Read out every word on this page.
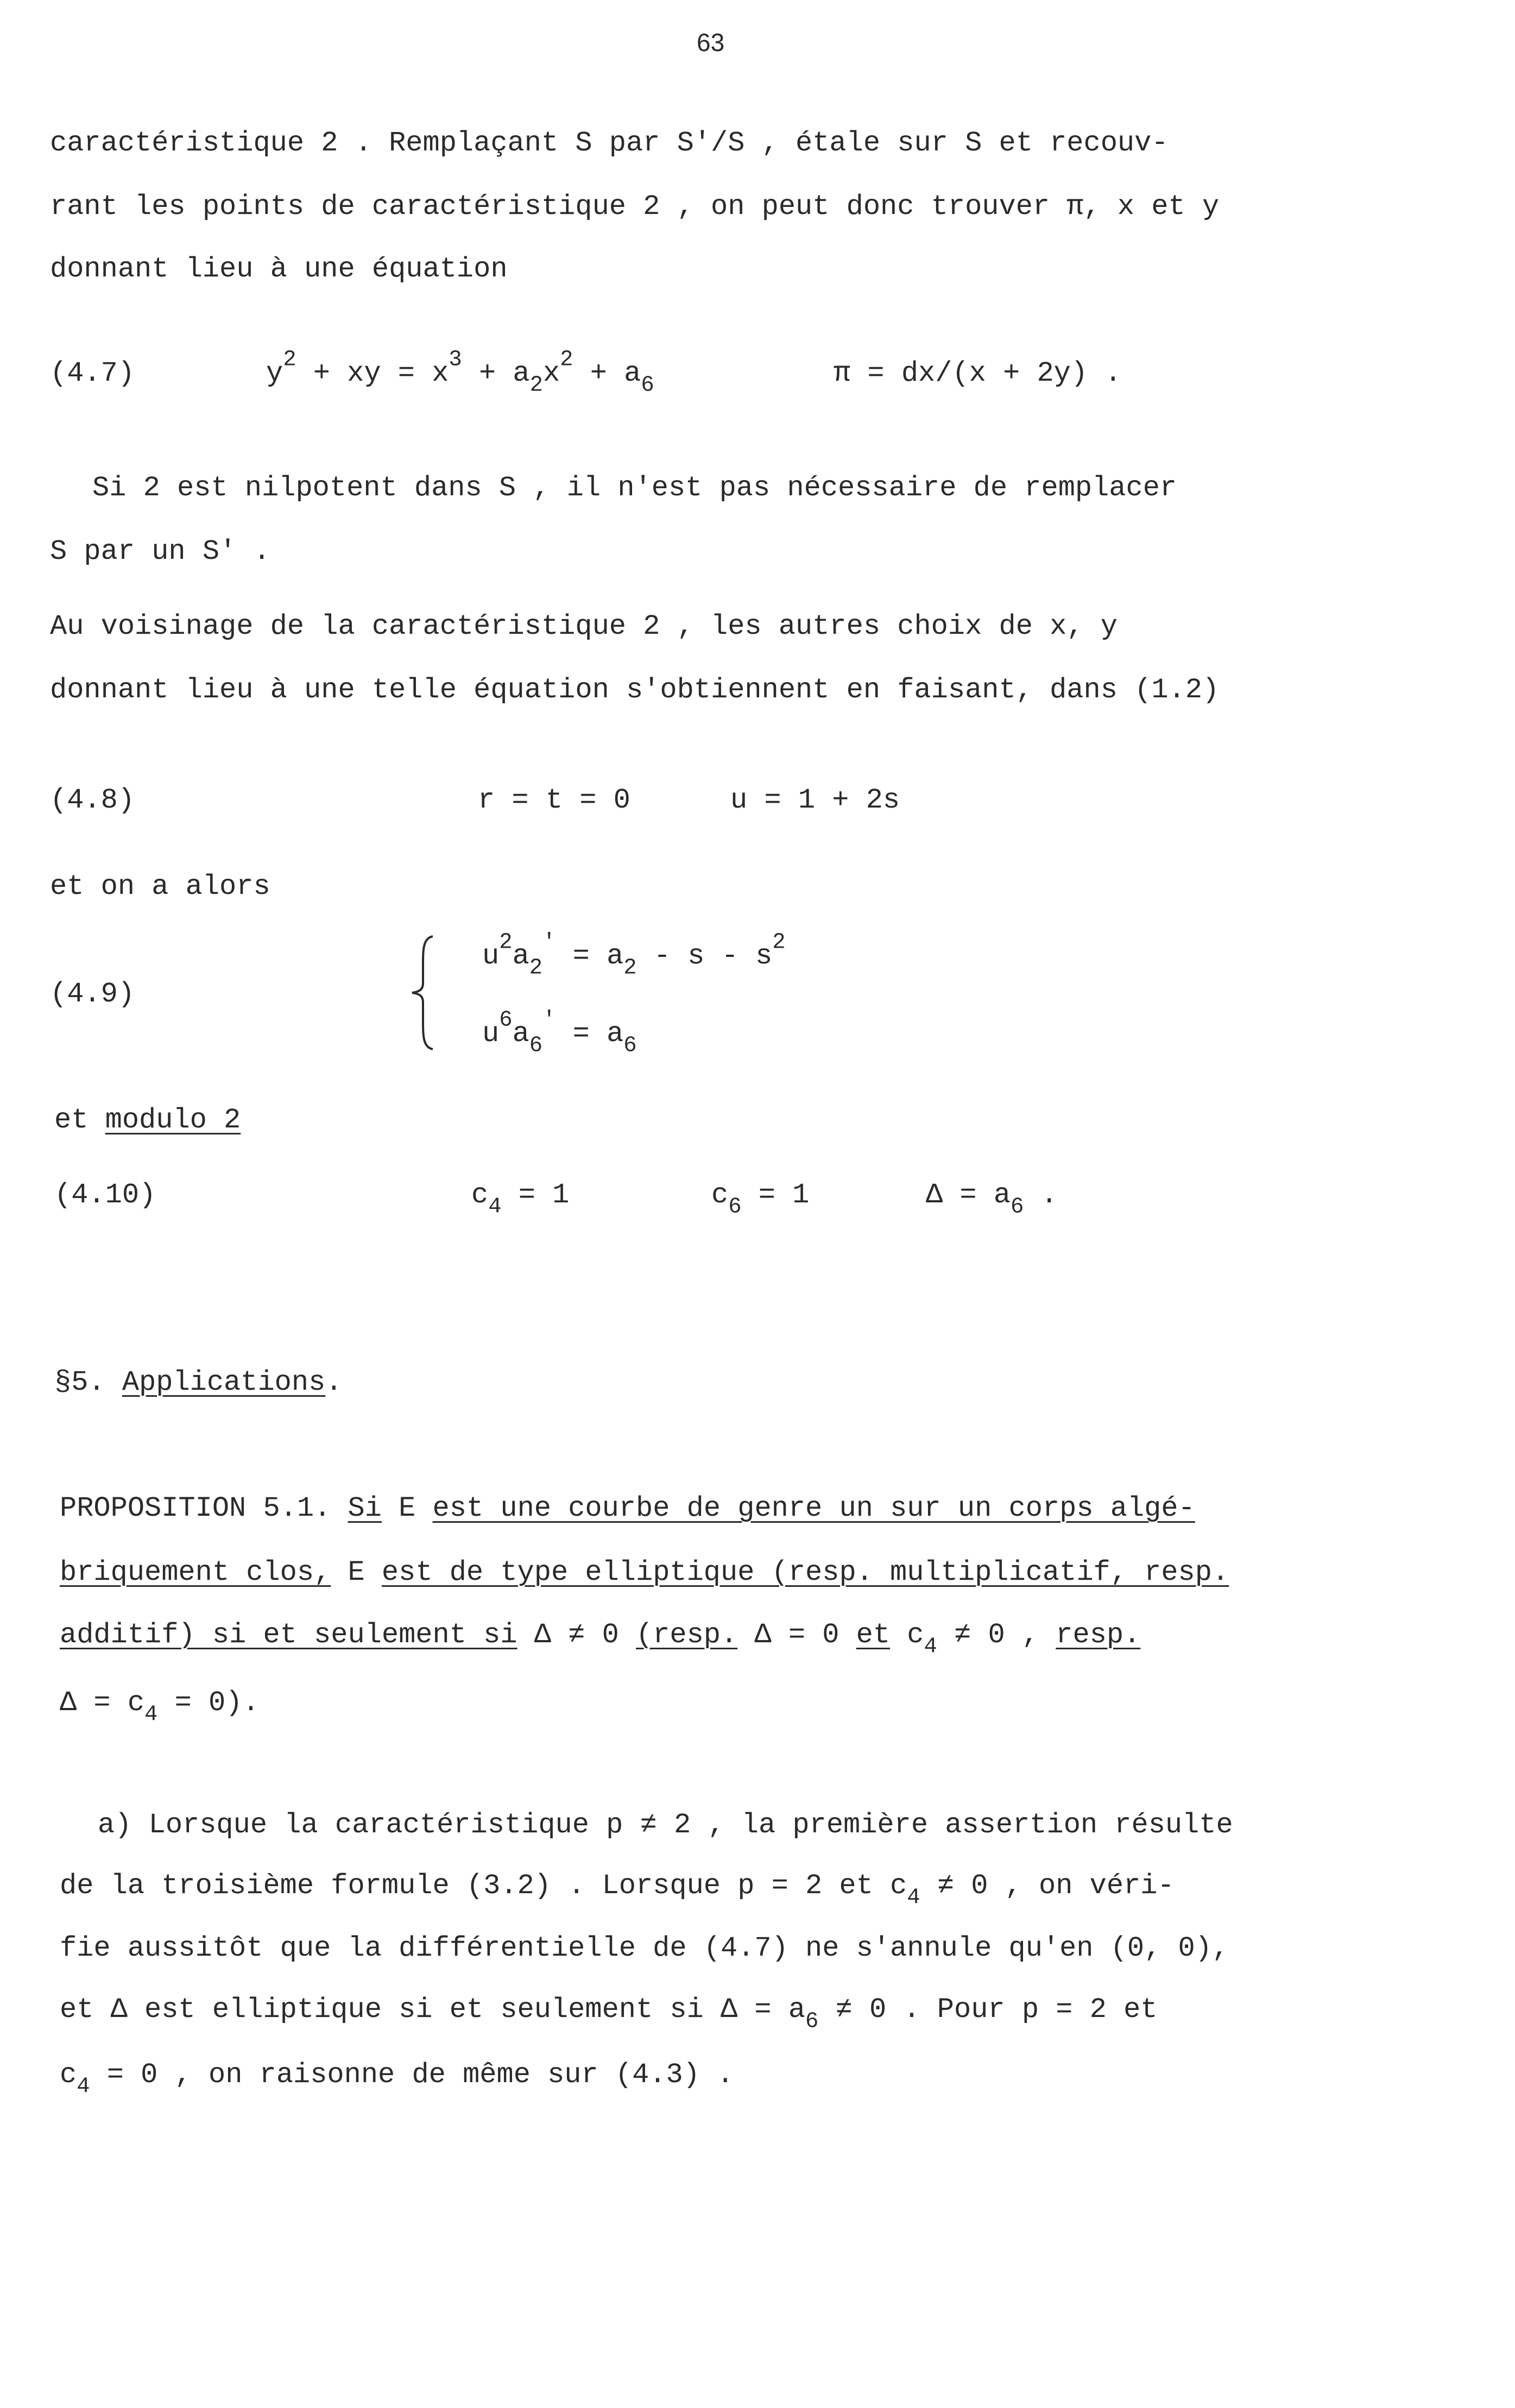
63
caractéristique 2 . Remplaçant S par S'/S , étale sur S et recouv-
rant les points de caractéristique 2 , on peut donc trouver π, x et y
donnant lieu à une équation
(4.7)	$y^2$ + xy = $x^3 + a_2x^2 + a_6$	π = dx/(x + 2y) .
Si 2 est nilpotent dans S , il n'est pas nécessaire de remplacer
S par un S' .
Au voisinage de la caractéristique 2 , les autres choix de x, y
donnant lieu à une telle équation s'obtiennent en faisant, dans (1.2)
(4.8)	r = t = 0	u = 1 + 2s
et on a alors
(4.9)
$u^2a_2' = a_2 - s - s^2$
$u^6a_6' = a_6$
et modulo 2
(4.10)	$c_4 = 1$	$c_6 = 1$	$\Delta = a_6$ .
§5. Applications.
PROPOSITION 5.1. Si E est une courbe de genre un sur un corps algé-
briquement clos, E est de type elliptique (resp. multiplicatif, resp.
additif) si et seulement si Δ ≠ 0 (resp. Δ = 0 et $c_4 \ne 0$ , resp.
$\Delta = c_4 = 0$).
a) Lorsque la caractéristique p ≠ 2 , la première assertion résulte
de la troisième formule (3.2) . Lorsque p = 2 et $c_4 \ne 0$ , on véri-
fie aussitôt que la différentielle de (4.7) ne s'annule qu'en (0, 0),
et Δ est elliptique si et seulement si $\Delta = a_6 \ne 0$ . Pour p = 2 et
$c_4 = 0$ , on raisonne de même sur (4.3) .
